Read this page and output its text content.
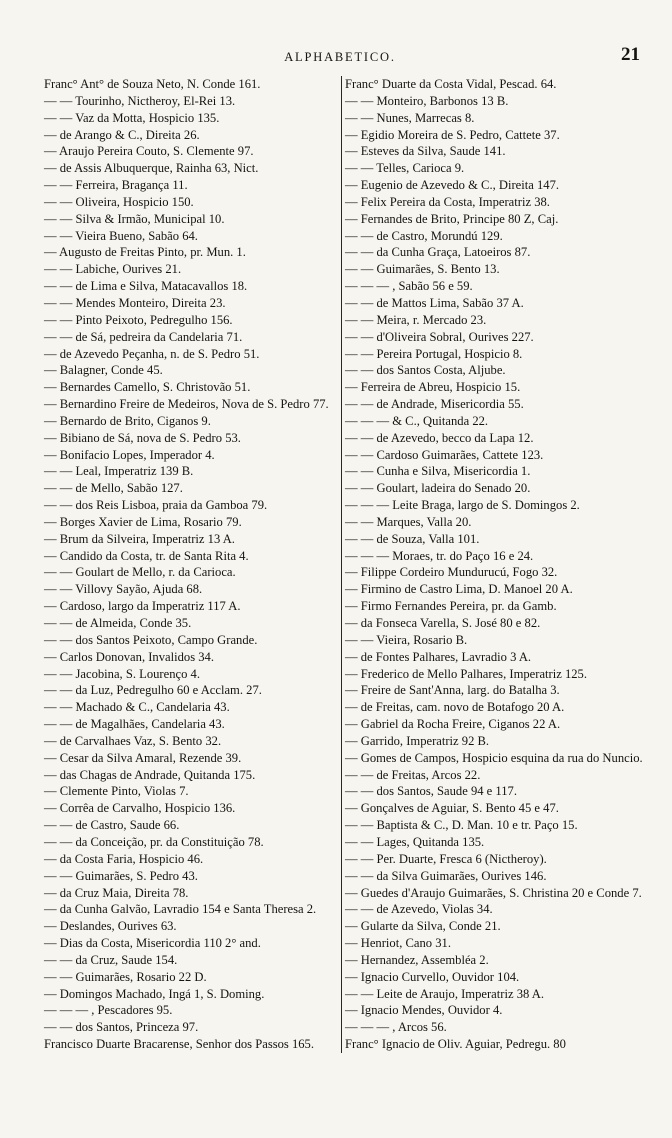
ALPHABETICO.	21
Franc° Ant° de Souza Neto, N. Conde 161.
— — Tourinho, Nictheroy, El-Rei 13.
— — Vaz da Motta, Hospicio 135.
— de Arango & C., Direita 26.
— Araujo Pereira Couto, S. Clemente 97.
— de Assis Albuquerque, Rainha 63, Nict.
— — Ferreira, Bragança 11.
— — Oliveira, Hospicio 150.
— — Silva & Irmão, Municipal 10.
— — Vieira Bueno, Sabão 64.
— Augusto de Freitas Pinto, pr. Mun. 1.
— — Labiche, Ourives 21.
— — de Lima e Silva, Matacavallos 18.
— — Mendes Monteiro, Direita 23.
— — Pinto Peixoto, Pedregulho 156.
— — de Sá, pedreira da Candelaria 71.
— de Azevedo Peçanha, n. de S. Pedro 51.
— Balagner, Conde 45.
— Bernardes Camello, S. Christovão 51.
— Bernardino Freire de Medeiros, Nova de S. Pedro 77.
— Bernardo de Brito, Ciganos 9.
— Bibiano de Sá, nova de S. Pedro 53.
— Bonifacio Lopes, Imperador 4.
— — Leal, Imperatriz 139 B.
— — de Mello, Sabão 127.
— — dos Reis Lisboa, praia da Gamboa 79.
— Borges Xavier de Lima, Rosario 79.
— Brum da Silveira, Imperatriz 13 A.
— Candido da Costa, tr. de Santa Rita 4.
— — Goulart de Mello, r. da Carioca.
— — Villovy Sayão, Ajuda 68.
— Cardoso, largo da Imperatriz 117 A.
— — de Almeida, Conde 35.
— — dos Santos Peixoto, Campo Grande.
— Carlos Donovan, Invalidos 34.
— — Jacobina, S. Lourenço 4.
— — da Luz, Pedregulho 60 e Acclam. 27.
— — Machado & C., Candelaria 43.
— — de Magalhães, Candelaria 43.
— de Carvalhaes Vaz, S. Bento 32.
— Cesar da Silva Amaral, Rezende 39.
— das Chagas de Andrade, Quitanda 175.
— Clemente Pinto, Violas 7.
— Corrêa de Carvalho, Hospicio 136.
— — de Castro, Saude 66.
— — da Conceição, pr. da Constituição 78.
— da Costa Faria, Hospicio 46.
— — Guimarães, S. Pedro 43.
— da Cruz Maia, Direita 78.
— da Cunha Galvão, Lavradio 154 e Santa Theresa 2.
— Deslandes, Ourives 63.
— Dias da Costa, Misericordia 110 2° and.
— — da Cruz, Saude 154.
— — Guimarães, Rosario 22 D.
— Domingos Machado, Ingá 1, S. Doming.
— — — , Pescadores 95.
— — dos Santos, Princeza 97.
Francisco Duarte Bracarense, Senhor dos Passos 165.
Franc° Duarte da Costa Vidal, Pescad. 64.
— — Monteiro, Barbonos 13 B.
— — Nunes, Marrecas 8.
— Egidio Moreira de S. Pedro, Cattete 37.
— Esteves da Silva, Saude 141.
— — Telles, Carioca 9.
— Eugenio de Azevedo & C., Direita 147.
— Felix Pereira da Costa, Imperatriz 38.
— Fernandes de Brito, Principe 80 Z, Caj.
— — de Castro, Morundú 129.
— — da Cunha Graça, Latoeiros 87.
— — Guimarães, S. Bento 13.
— — — , Sabão 56 e 59.
— — de Mattos Lima, Sabão 37 A.
— — Meira, r. Mercado 23.
— — d'Oliveira Sobral, Ourives 227.
— — Pereira Portugal, Hospicio 8.
— — dos Santos Costa, Aljube.
— Ferreira de Abreu, Hospicio 15.
— — de Andrade, Misericordia 55.
— — — & C., Quitanda 22.
— — de Azevedo, becco da Lapa 12.
— — Cardoso Guimarães, Cattete 123.
— — Cunha e Silva, Misericordia 1.
— — Goulart, ladeira do Senado 20.
— — — Leite Braga, largo de S. Domingos 2.
— — Marques, Valla 20.
— — de Souza, Valla 101.
— — — Moraes, tr. do Paço 16 e 24.
— Filippe Cordeiro Mundurucú, Fogo 32.
— Firmino de Castro Lima, D. Manoel 20 A.
— Firmo Fernandes Pereira, pr. da Gamb.
— da Fonseca Varella, S. José 80 e 82.
— — Vieira, Rosario B.
— de Fontes Palhares, Lavradio 3 A.
— Frederico de Mello Palhares, Imperatriz 125.
— Freire de Sant'Anna, larg. do Batalha 3.
— de Freitas, cam. novo de Botafogo 20 A.
— Gabriel da Rocha Freire, Ciganos 22 A.
— Garrido, Imperatriz 92 B.
— Gomes de Campos, Hospicio esquina da rua do Nuncio.
— — de Freitas, Arcos 22.
— — dos Santos, Saude 94 e 117.
— Gonçalves de Aguiar, S. Bento 45 e 47.
— — Baptista & C., D. Man. 10 e tr. Paço 15.
— — Lages, Quitanda 135.
— — Per. Duarte, Fresca 6 (Nictheroy).
— — da Silva Guimarães, Ourives 146.
— Guedes d'Araujo Guimarães, S. Christina 20 e Conde 7.
— — de Azevedo, Violas 34.
— Gularte da Silva, Conde 21.
— Henriot, Cano 31.
— Hernandez, Assembléa 2.
— Ignacio Curvello, Ouvidor 104.
— — Leite de Araujo, Imperatriz 38 A.
— Ignacio Mendes, Ouvidor 4.
— — — , Arcos 56.
Franc° Ignacio de Oliv. Aguiar, Pedregu. 80
